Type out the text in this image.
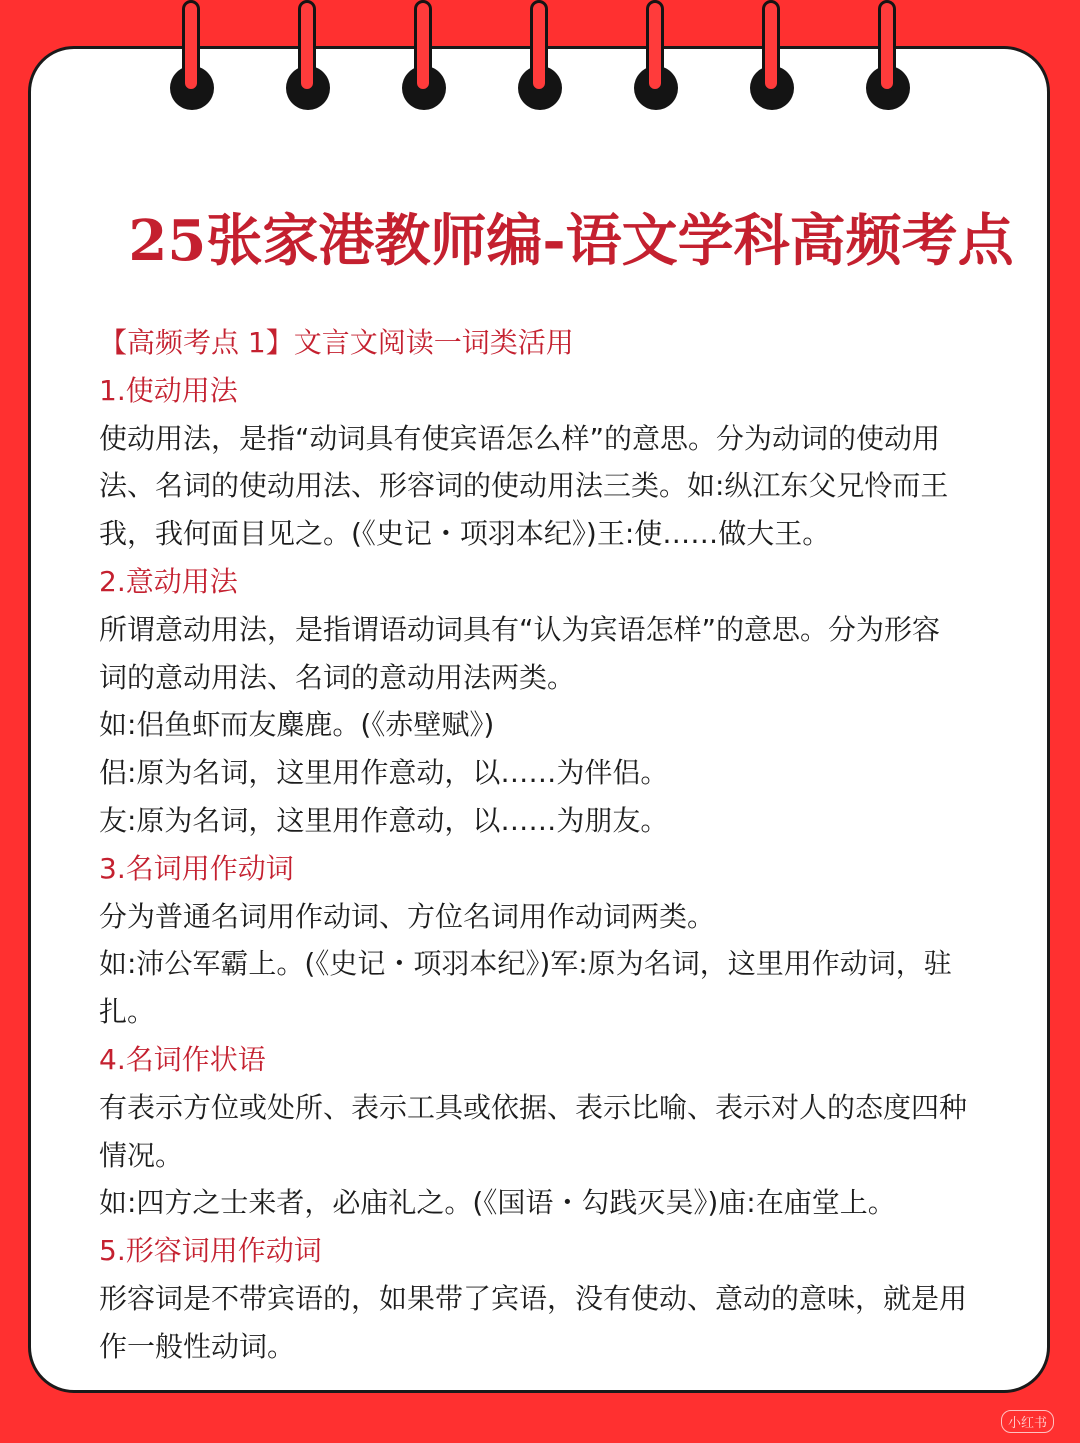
25张家港教师编-语文学科高频考点
【高频考点 1】文言文阅读一词类活用
1.使动用法
使动用法，是指“动词具有使宾语怎么样”的意思。分为动词的使动用
法、名词的使动用法、形容词的使动用法三类。如:纵江东父兄怜而王
我，我何面目见之。(《史记・项羽本纪》)王:使……做大王。
2.意动用法
所谓意动用法，是指谓语动词具有“认为宾语怎样”的意思。分为形容
词的意动用法、名词的意动用法两类。
如:侣鱼虾而友麋鹿。(《赤壁赋》)
侣:原为名词，这里用作意动，以……为伴侣。
友:原为名词，这里用作意动，以……为朋友。
3.名词用作动词
分为普通名词用作动词、方位名词用作动词两类。
如:沛公军霸上。(《史记・项羽本纪》)军:原为名词，这里用作动词，驻
扎。
4.名词作状语
有表示方位或处所、表示工具或依据、表示比喻、表示对人的态度四种
情况。
如:四方之士来者，必庙礼之。(《国语・勾践灭吴》)庙:在庙堂上。
5.形容词用作动词
形容词是不带宾语的，如果带了宾语，没有使动、意动的意味，就是用
作一般性动词。
小红书
